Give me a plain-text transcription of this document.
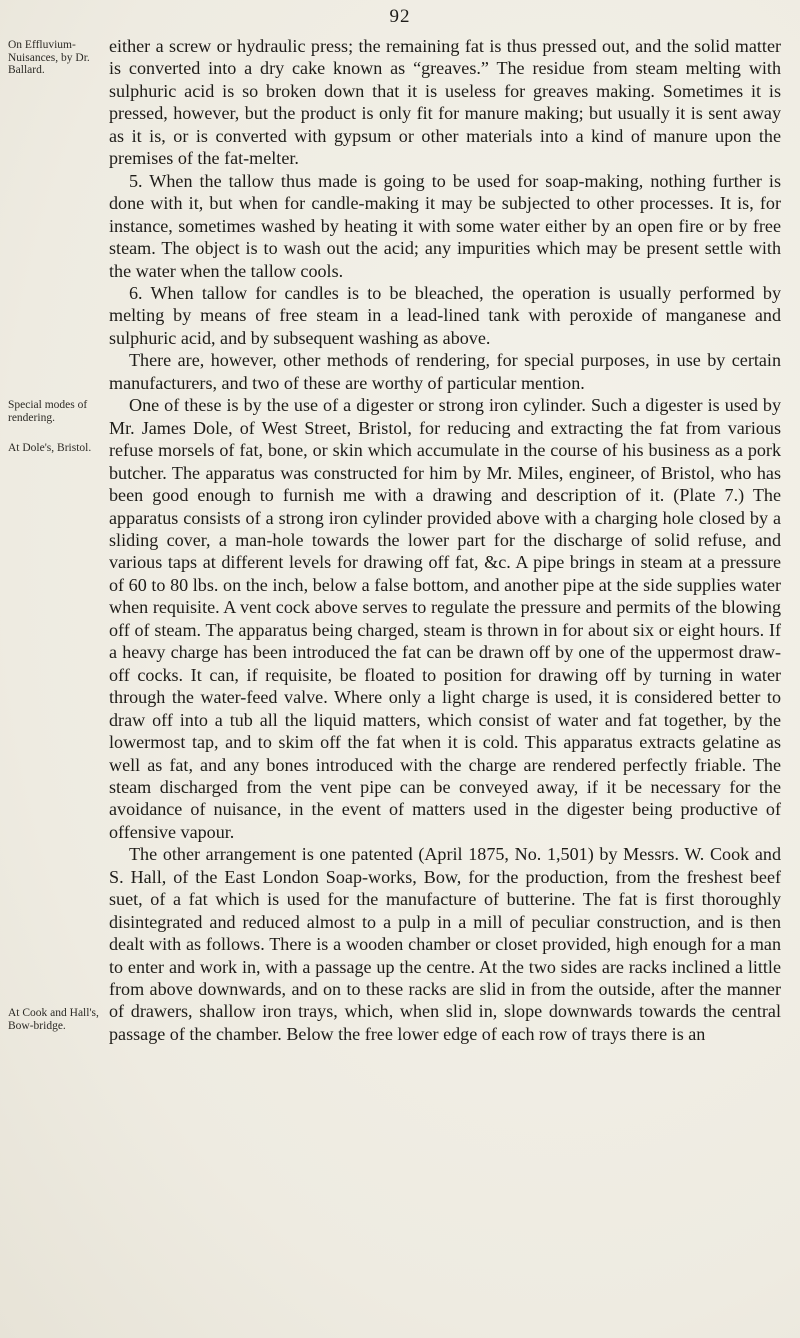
92
On Effluvium-Nuisances, by Dr. Ballard.
Special modes of rendering.
At Dole's, Bristol.
At Cook and Hall's, Bow-bridge.

either a screw or hydraulic press; the remaining fat is thus pressed out, and the solid matter is converted into a dry cake known as “greaves.” The residue from steam melting with sulphuric acid is so broken down that it is useless for greaves making. Sometimes it is pressed, however, but the product is only fit for manure making; but usually it is sent away as it is, or is converted with gypsum or other materials into a kind of manure upon the premises of the fat-melter.

5. When the tallow thus made is going to be used for soap-making, nothing further is done with it, but when for candle-making it may be subjected to other processes. It is, for instance, sometimes washed by heating it with some water either by an open fire or by free steam. The object is to wash out the acid; any impurities which may be present settle with the water when the tallow cools.

6. When tallow for candles is to be bleached, the operation is usually performed by melting by means of free steam in a lead-lined tank with peroxide of manganese and sulphuric acid, and by subsequent washing as above.

There are, however, other methods of rendering, for special purposes, in use by certain manufacturers, and two of these are worthy of particular mention.

One of these is by the use of a digester or strong iron cylinder. Such a digester is used by Mr. James Dole, of West Street, Bristol, for reducing and extracting the fat from various refuse morsels of fat, bone, or skin which accumulate in the course of his business as a pork butcher. The apparatus was constructed for him by Mr. Miles, engineer, of Bristol, who has been good enough to furnish me with a drawing and description of it. (Plate 7.) The apparatus consists of a strong iron cylinder provided above with a charging hole closed by a sliding cover, a man-hole towards the lower part for the discharge of solid refuse, and various taps at different levels for drawing off fat, &c. A pipe brings in steam at a pressure of 60 to 80 lbs. on the inch, below a false bottom, and another pipe at the side supplies water when requisite. A vent cock above serves to regulate the pressure and permits of the blowing off of steam. The apparatus being charged, steam is thrown in for about six or eight hours. If a heavy charge has been introduced the fat can be drawn off by one of the uppermost draw-off cocks. It can, if requisite, be floated to position for drawing off by turning in water through the water-feed valve. Where only a light charge is used, it is considered better to draw off into a tub all the liquid matters, which consist of water and fat together, by the lowermost tap, and to skim off the fat when it is cold. This apparatus extracts gelatine as well as fat, and any bones introduced with the charge are rendered perfectly friable. The steam discharged from the vent pipe can be conveyed away, if it be necessary for the avoidance of nuisance, in the event of matters used in the digester being productive of offensive vapour.

The other arrangement is one patented (April 1875, No. 1,501) by Messrs. W. Cook and S. Hall, of the East London Soap-works, Bow, for the production, from the freshest beef suet, of a fat which is used for the manufacture of butterine. The fat is first thoroughly disintegrated and reduced almost to a pulp in a mill of peculiar construction, and is then dealt with as follows. There is a wooden chamber or closet provided, high enough for a man to enter and work in, with a passage up the centre. At the two sides are racks inclined a little from above downwards, and on to these racks are slid in from the outside, after the manner of drawers, shallow iron trays, which, when slid in, slope downwards towards the central passage of the chamber. Below the free lower edge of each row of trays there is an
